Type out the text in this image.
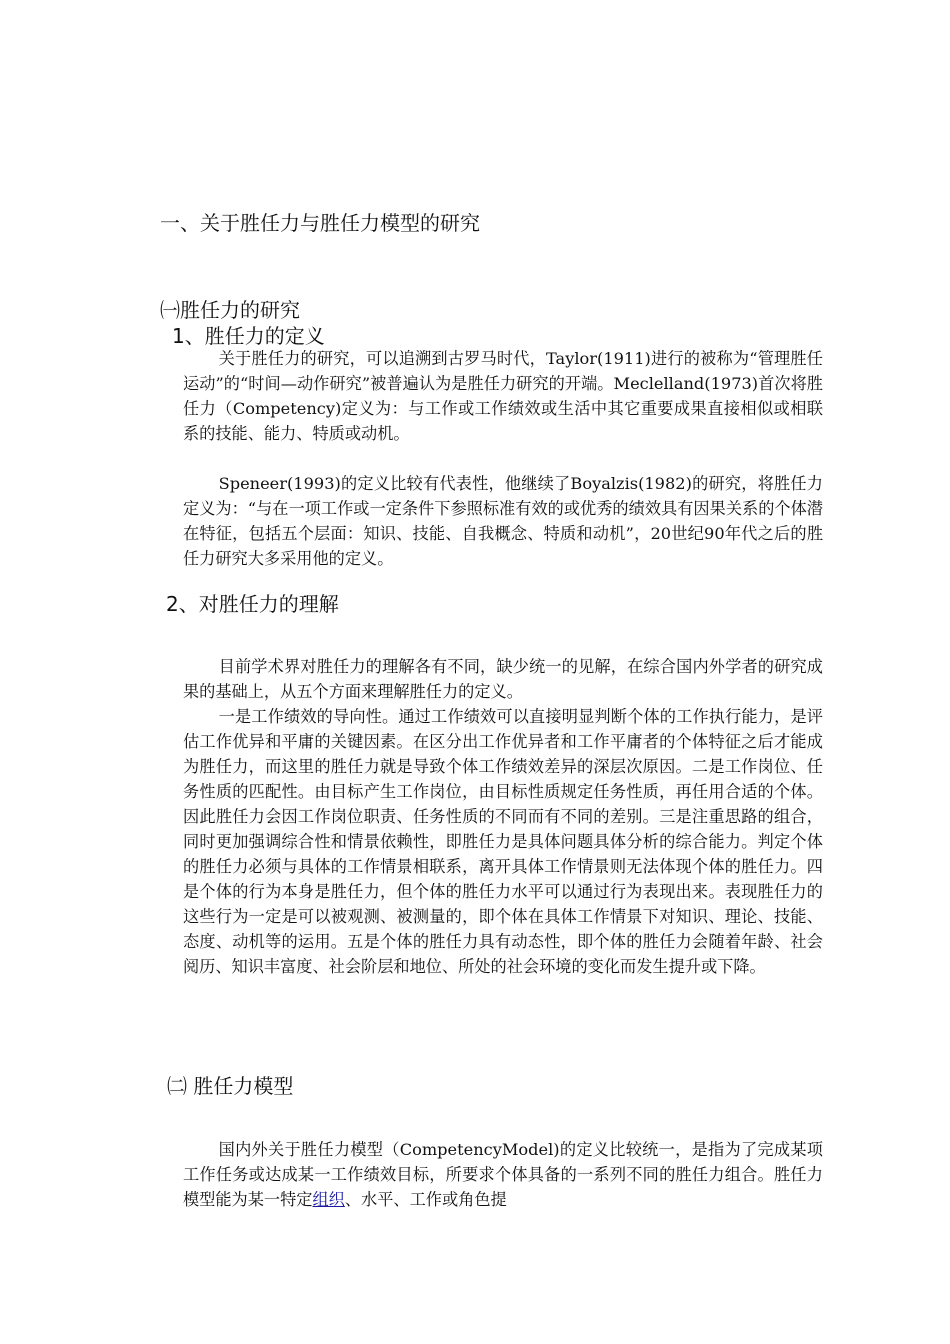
一、关于胜任力与胜任力模型的研究
㈠胜任力的研究
1、胜任力的定义

关于胜任力的研究，可以追溯到古罗马时代，Taylor(1911)进行的被称为“管理胜任运动”的“时间—动作研究”被普遍认为是胜任力研究的开端。Meclelland(1973)首次将胜任力（Competency)定义为：与工作或工作绩效或生活中其它重要成果直接相似或相联系的技能、能力、特质或动机。

Speneer(1993)的定义比较有代表性，他继续了Boyalzis(1982)的研究，将胜任力定义为：“与在一项工作或一定条件下参照标准有效的或优秀的绩效具有因果关系的个体潜在特征，包括五个层面：知识、技能、自我概念、特质和动机”，20世纪90年代之后的胜任力研究大多采用他的定义。

2、对胜任力的理解

目前学术界对胜任力的理解各有不同，缺少统一的见解，在综合国内外学者的研究成果的基础上，从五个方面来理解胜任力的定义。

一是工作绩效的导向性。通过工作绩效可以直接明显判断个体的工作执行能力，是评估工作优异和平庸的关键因素。在区分出工作优异者和工作平庸者的个体特征之后才能成为胜任力，而这里的胜任力就是导致个体工作绩效差异的深层次原因。二是工作岗位、任务性质的匹配性。由目标产生工作岗位，由目标性质规定任务性质，再任用合适的个体。因此胜任力会因工作岗位职责、任务性质的不同而有不同的差别。三是注重思路的组合，同时更加强调综合性和情景依赖性，即胜任力是具体问题具体分析的综合能力。判定个体的胜任力必须与具体的工作情景相联系，离开具体工作情景则无法体现个体的胜任力。四是个体的行为本身是胜任力，但个体的胜任力水平可以通过行为表现出来。表现胜任力的这些行为一定是可以被观测、被测量的，即个体在具体工作情景下对知识、理论、技能、态度、动机等的运用。五是个体的胜任力具有动态性，即个体的胜任力会随着年龄、社会阅历、知识丰富度、社会阶层和地位、所处的社会环境的变化而发生提升或下降。

㈡ 胜任力模型

国内外关于胜任力模型（CompetencyModel)的定义比较统一，是指为了完成某项工作任务或达成某一工作绩效目标，所要求个体具备的一系列不同的胜任力组合。胜任力模型能为某一特定组织、水平、工作或角色提
